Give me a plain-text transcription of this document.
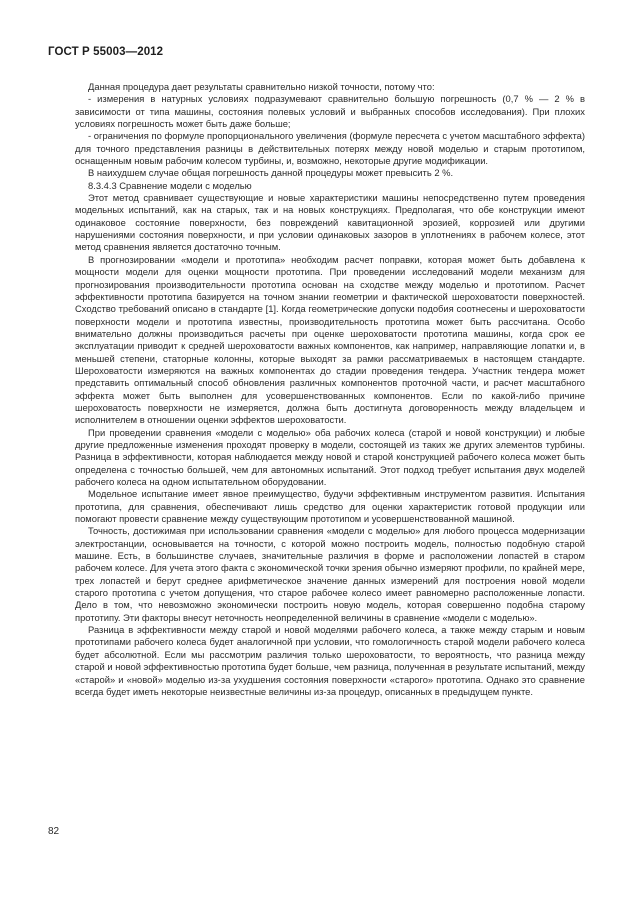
ГОСТ Р 55003—2012

Данная процедура дает результаты сравнительно низкой точности, потому что:

- измерения в натурных условиях подразумевают сравнительно большую погрешность (0,7 % — 2 % в зависимости от типа машины, состояния полевых условий и выбранных способов исследования). При плохих условиях погрешность может быть даже больше;

- ограничения по формуле пропорционального увеличения (формуле пересчета с учетом масштабного эффекта) для точного представления разницы в действительных потерях между новой моделью и старым прототипом, оснащенным новым рабочим колесом турбины, и, возможно, некоторые другие модификации.

В наихудшем случае общая погрешность данной процедуры может превысить 2 %.

8.3.4.3 Сравнение модели с моделью

Этот метод сравнивает существующие и новые характеристики машины непосредственно путем проведения модельных испытаний, как на старых, так и на новых конструкциях. Предполагая, что обе конструкции имеют одинаковое состояние поверхности, без повреждений кавитационной эрозией, коррозией или другими нарушениями состояния поверхности, и при условии одинаковых зазоров в уплотнениях в рабочем колесе, этот метод сравнения является достаточно точным.

В прогнозировании «модели и прототипа» необходим расчет поправки, которая может быть добавлена к мощности модели для оценки мощности прототипа. При проведении исследований модели механизм для прогнозирования производительности прототипа основан на сходстве между моделью и прототипом. Расчет эффективности прототипа базируется на точном знании геометрии и фактической шероховатости поверхностей. Сходство требований описано в стандарте [1]. Когда геометрические допуски подобия соотнесены и шероховатости поверхности модели и прототипа известны, производительность прототипа может быть рассчитана. Особо внимательно должны производиться расчеты при оценке шероховатости прототипа машины, когда срок ее эксплуатации приводит к средней шероховатости важных компонентов, как например, направляющие лопатки и, в меньшей степени, статорные колонны, которые выходят за рамки рассматриваемых в настоящем стандарте. Шероховатости измеряются на важных компонентах до стадии проведения тендера. Участник тендера может представить оптимальный способ обновления различных компонентов проточной части, и расчет масштабного эффекта может быть выполнен для усовершенствованных компонентов. Если по какой-либо причине шероховатость поверхности не измеряется, должна быть достигнута договоренность между владельцем и исполнителем в отношении оценки эффектов шероховатости.

При проведении сравнения «модели с моделью» оба рабочих колеса (старой и новой конструкции) и любые другие предложенные изменения проходят проверку в модели, состоящей из таких же других элементов турбины. Разница в эффективности, которая наблюдается между новой и старой конструкцией рабочего колеса может быть определена с точностью большей, чем для автономных испытаний. Этот подход требует испытания двух моделей рабочего колеса на одном испытательном оборудовании.

Модельное испытание имеет явное преимущество, будучи эффективным инструментом развития. Испытания прототипа, для сравнения, обеспечивают лишь средство для оценки характеристик готовой продукции или помогают провести сравнение между существующим прототипом и усовершенствованной машиной.

Точность, достижимая при использовании сравнения «модели с моделью» для любого процесса модернизации электростанции, основывается на точности, с которой можно построить модель, полностью подобную старой машине. Есть, в большинстве случаев, значительные различия в форме и расположении лопастей в старом рабочем колесе. Для учета этого факта с экономической точки зрения обычно измеряют профили, по крайней мере, трех лопастей и берут среднее арифметическое значение данных измерений для построения новой модели старого прототипа с учетом допущения, что старое рабочее колесо имеет равномерно расположенные лопасти. Дело в том, что невозможно экономически построить новую модель, которая совершенно подобна старому прототипу. Эти факторы внесут неточность неопределенной величины в сравнение «модели с моделью».

Разница в эффективности между старой и новой моделями рабочего колеса, а также между старым и новым прототипами рабочего колеса будет аналогичной при условии, что гомологичность старой модели рабочего колеса будет абсолютной. Если мы рассмотрим различия только шероховатости, то вероятность, что разница между старой и новой эффективностью прототипа будет больше, чем разница, полученная в результате испытаний, между «старой» и «новой» моделью из-за ухудшения состояния поверхности «старого» прототипа. Однако это сравнение всегда будет иметь некоторые неизвестные величины из-за процедур, описанных в предыдущем пункте.

82
